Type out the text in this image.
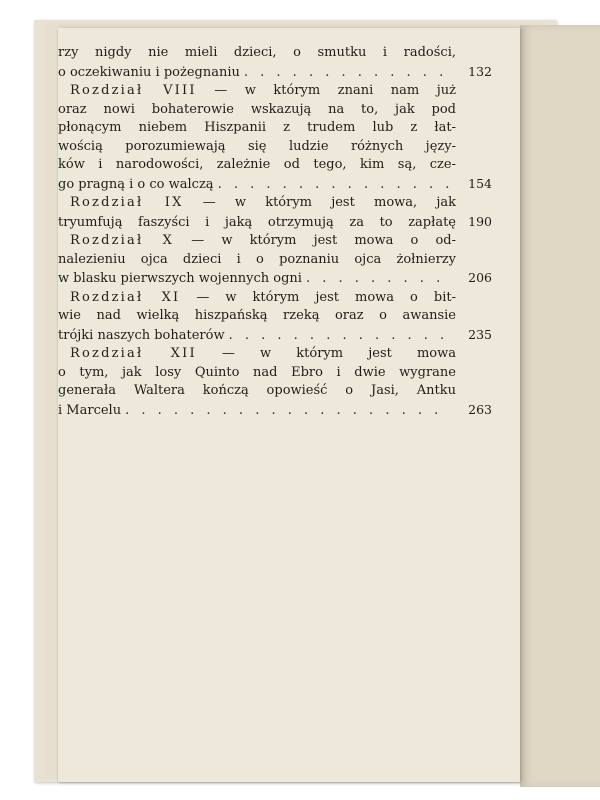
rzy nigdy nie mieli dzieci, o smutku i radości,
o oczekiwaniu i pożegnaniu . . .	132
Rozdział VIII — w którym znani nam już
oraz nowi bohaterowie wskazują na to, jak pod
płonącym niebem Hiszpanii z trudem lub z łat-
wością porozumiewają się ludzie różnych języ-
ków i narodowości, zależnie od tego, kim są, cze-
go pragną i o co walczą . . .	154
Rozdział IX — w którym jest mowa, jak
tryumfują faszyści i jaką otrzymują za to zapłatę 190
Rozdział X — w którym jest mowa o od-
nalezieniu ojca dzieci i o poznaniu ojca żołnierzy
w blasku pierwszych wojennych ogni . . .	206
Rozdział XI — w którym jest mowa o bit-
wie nad wielką hiszpańską rzeką oraz o awansie
trójki naszych bohaterów . . .	235
Rozdział XII — w którym jest mowa
o tym, jak losy Quinto nad Ebro i dwie wygrane
generała Waltera kończą opowieść o Jasi, Antku
i Marcelu . . .	263
